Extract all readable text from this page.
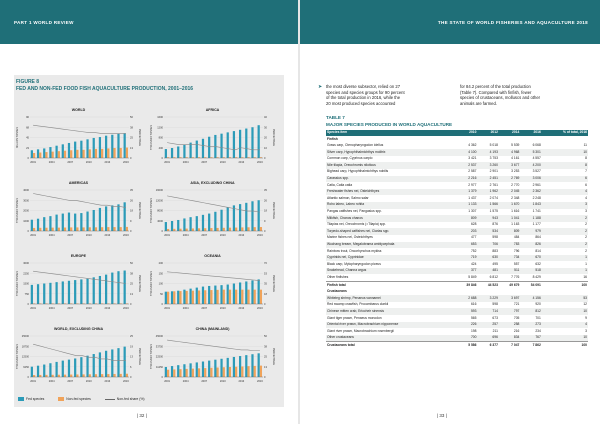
PART 1 WORLD REVIEW
FIGURE 8
FED AND NON-FED FOOD FISH AQUACULTURE PRODUCTION, 2001–2016
WORLD
0	0
23	13
45	25
68	38
90	50
MILLION TONNES	PERCENTAGE
2001	2004	2007	2010	2013	2016
AFRICA
0	0
400	10
800	20
1200	30
1600	40
THOUSAND TONNES	PERCENTAGE
2001	2004	2007	2010	2013	2016
AMERICAS
0	0
1000	9
2000	18
3000	26
4000	35
THOUSAND TONNES	PERCENTAGE
2001	2004	2007	2010	2013	2016
ASIA, EXCLUDING CHINA
0	0
4000	9
8000	18
12000	26
16000	35
THOUSAND TONNES	PERCENTAGE
2001	2004	2007	2010	2013	2016
EUROPE
0	0
750	13
1500	25
2250	38
3000	50
THOUSAND TONNES	PERCENTAGE
2001	2004	2007	2010	2013	2016
OCEANIA
0	0
50	18
100	35
150	53
200	70
THOUSAND TONNES	PERCENTAGE
2001	2004	2007	2010	2013	2016
WORLD, EXCLUDING CHINA
0	0
6250	6
12500	13
18750	19
25000	25
THOUSAND TONNES	PERCENTAGE
2001	2004	2007	2010	2013	2016
CHINA (MAINLAND)
0	0
11250	13
22500	25
33750	38
45000	50
THOUSAND TONNES	PERCENTAGE
2001	2004	2007	2010	2013	2016
Fed species	Non-fed species	Non-fed share (%)
| 32 |
THE STATE OF WORLD FISHERIES AND AQUACULTURE 2018
➤ the most diverse subsector, relied on 27
species and species groups for 90 percent
of the total production in 2016, while the
20 most produced species accounted
for 84.2 percent of the total production
(Table 7). Compared with finfish, fewer
species of crustaceans, molluscs and other
animals are farmed.
TABLE 7
MAJOR SPECIES PRODUCED IN WORLD AQUACULTURE
Species item	2010	2012	2014	2016	% of total, 2016
Finfish					
Grass carp, Ctenopharyngodon idellus	4 362	5 018	5 539	6 068	11
Silver carp, Hypophthalmichthys molitrix	4 100	4 193	4 968	5 301	10
Common carp, Cyprinus carpio	3 421	3 753	4 161	4 557	8
Nile tilapia, Oreochromis niloticus	2 537	3 260	3 677	4 200	8
Bighead carp, Hypophthalmichthys nobilis	2 587	2 901	3 253	3 527	7
Carassius spp.	2 216	2 451	2 769	3 006	6
Catla, Catla catla	2 977	2 761	2 770	2 961	6
Freshwater fishes nei, Osteichthyes	1 379	1 962	2 045	2 362	4
Atlantic salmon, Salmo salar	1 437	2 074	2 348	2 248	4
Roho labeo, Labeo rohita	1 133	1 566	1 670	1 843	3
Pangas catfishes nei, Pangasius spp.	1 307	1 575	1 616	1 741	3
Milkfish, Chanos chanos	809	943	1 041	1 188	2
Tilapias nei, Oreochromis (=Tilapia) spp.	628	876	1 163	1 177	2
Torpedo-shaped catfishes nei, Clarias spp.	203	534	809	979	2
Marine fishes nei, Osteichthyes	477	598	484	864	2
Wuchang bream, Megalobrama amblycephala	653	706	783	826	2
Rainbow trout, Oncorhynchus mykiss	752	883	796	814	2
Cyprinids nei, Cyprinidae	719	630	734	670	1
Black carp, Mylopharyngodon piceus	424	495	557	632	1
Snakehead, Channa argus	377	481	511	518	1
Other finfishes	5 849	6 812	7 776	8 429	16
Finfish total	39 846	44 523	49 679	54 091	100
Crustaceans					
Whiteleg shrimp, Penaeus vannamei	2 688	3 229	3 697	4 156	53
Red swamp crawfish, Procambarus clarkii	616	598	721	920	12
Chinese mitten crab, Eriocheir sinensis	593	714	797	812	10
Giant tiger prawn, Penaeus monodon	565	673	705	701	9
Oriental river prawn, Macrobrachium nipponense	226	257	258	273	4
Giant river prawn, Macrobrachium rosenbergii	198	211	216	234	3
Other crustaceans	700	696	834	767	10
Crustaceans total	5 586	6 377	7 047	7 862	100
| 33 |
